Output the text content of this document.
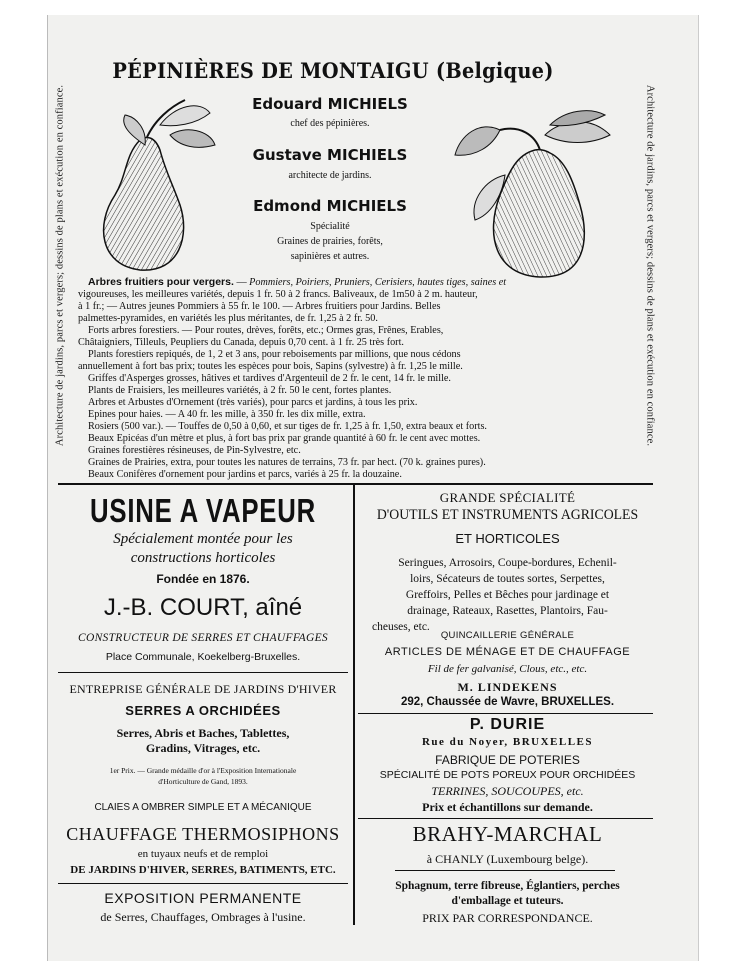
Architecture de jardins, parcs et vergers; dessins de plans et exécution en confiance.	Architecture de jardins, parcs et vergers; dessins de plans et exécution en confiance.
PÉPINIÈRES DE MONTAIGU (Belgique)
Edouard MICHIELS
chef des pépinières.
Gustave MICHIELS
architecte de jardins.
Edmond MICHIELS
Spécialité
Graines de prairies, forêts,
sapinières et autres.
Arbres fruitiers pour vergers. — Pommiers, Poiriers, Pruniers, Cerisiers, hautes tiges, saines et
vigoureuses, les meilleures variétés, depuis 1 fr. 50 à 2 francs. Baliveaux, de 1m50 à 2 m. hauteur,
à 1 fr.; — Autres jeunes Pommiers à 55 fr. le 100. — Arbres fruitiers pour Jardins. Belles
palmettes-pyramides, en variétés les plus méritantes, de fr. 1,25 à 2 fr. 50.
Forts arbres forestiers. — Pour routes, drèves, forêts, etc.; Ormes gras, Frênes, Erables,
Châtaigniers, Tilleuls, Peupliers du Canada, depuis 0,70 cent. à 1 fr. 25 très fort.
Plants forestiers repiqués, de 1, 2 et 3 ans, pour reboisements par millions, que nous cédons
annuellement à fort bas prix; toutes les espèces pour bois, Sapins (sylvestre) à fr. 1,25 le mille.
Griffes d'Asperges grosses, hâtives et tardives d'Argenteuil de 2 fr. le cent, 14 fr. le mille.
Plants de Fraisiers, les meilleures variétés, à 2 fr. 50 le cent, fortes plantes.
Arbres et Arbustes d'Ornement (très variés), pour parcs et jardins, à tous les prix.
Epines pour haies. — A 40 fr. les mille, à 350 fr. les dix mille, extra.
Rosiers (500 var.). — Touffes de 0,50 à 0,60, et sur tiges de fr. 1,25 à fr. 1,50, extra beaux et forts.
Beaux Epicéas d'un mètre et plus, à fort bas prix par grande quantité à 60 fr. le cent avec mottes.
Graines forestières résineuses, de Pin-Sylvestre, etc.
Graines de Prairies, extra, pour toutes les natures de terrains, 73 fr. par hect. (70 k. graines pures).
Beaux Conifères d'ornement pour jardins et parcs, variés à 25 fr. la douzaine.
USINE A VAPEUR
Spécialement montée pour les
constructions horticoles
Fondée en 1876.
J.-B. COURT, aîné
CONSTRUCTEUR DE SERRES ET CHAUFFAGES
Place Communale, Koekelberg-Bruxelles.
ENTREPRISE GÉNÉRALE DE JARDINS D'HIVER
SERRES A ORCHIDÉES
Serres, Abris et Baches, Tablettes,
Gradins, Vitrages, etc.
1er Prix. — Grande médaille d'or à l'Exposition Internationale
d'Horticulture de Gand, 1893.
CLAIES A OMBRER SIMPLE ET A MÉCANIQUE
CHAUFFAGE THERMOSIPHONS
en tuyaux neufs et de remploi
DE JARDINS D'HIVER, SERRES, BATIMENTS, ETC.
EXPOSITION PERMANENTE
de Serres, Chauffages, Ombrages à l'usine.
GRANDE SPÉCIALITÉ
D'OUTILS ET INSTRUMENTS AGRICOLES
ET HORTICOLES
Seringues, Arrosoirs, Coupe-bordures, Echenil-
loirs, Sécateurs de toutes sortes, Serpettes,
Greffoirs, Pelles et Bêches pour jardinage et
drainage, Rateaux, Rasettes, Plantoirs, Fau-
cheuses, etc.
QUINCAILLERIE GÉNÉRALE
ARTICLES DE MÉNAGE ET DE CHAUFFAGE
Fil de fer galvanisé, Clous, etc., etc.
M. LINDEKENS
292, Chaussée de Wavre, BRUXELLES.
P. DURIE
Rue du Noyer, BRUXELLES
FABRIQUE DE POTERIES
SPÉCIALITÉ DE POTS POREUX POUR ORCHIDÉES
TERRINES, SOUCOUPES, etc.
Prix et échantillons sur demande.
BRAHY-MARCHAL
à CHANLY (Luxembourg belge).
Sphagnum, terre fibreuse, Églantiers, perches
d'emballage et tuteurs.
PRIX PAR CORRESPONDANCE.
